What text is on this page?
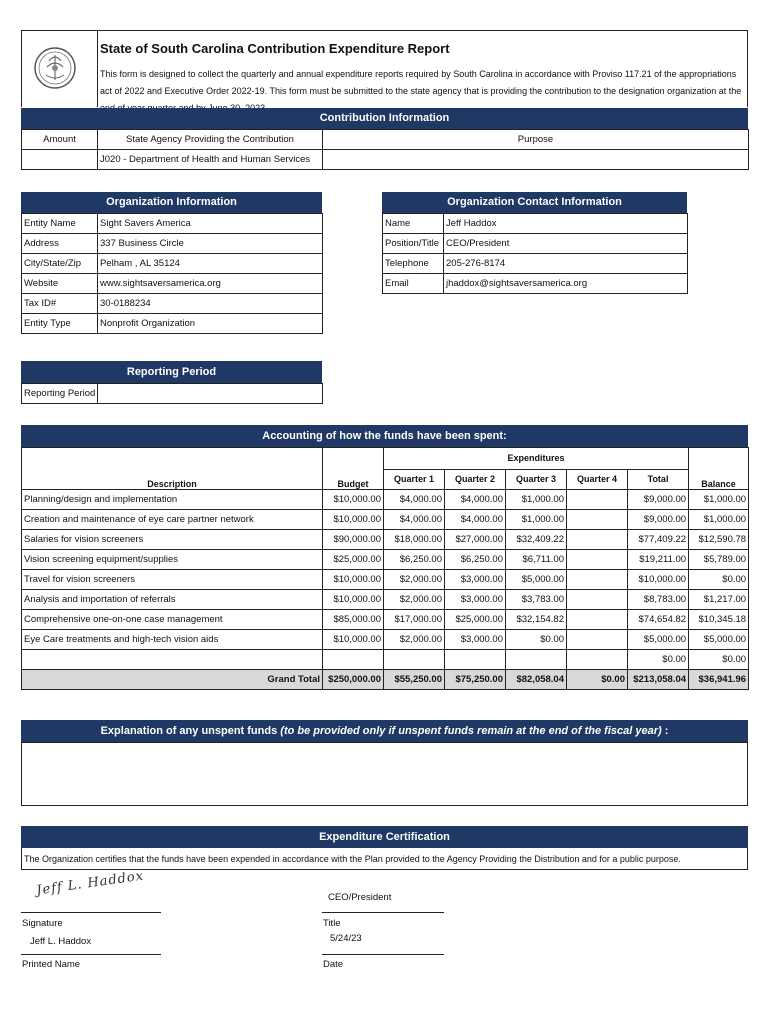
State of South Carolina Contribution Expenditure Report
This form is designed to collect the quarterly and annual expenditure reports required by South Carolina in accordance with Proviso 117.21 of the appropriations act of 2022 and Executive Order 2022-19. This form must be submitted to the state agency that is providing the contribution to the designation organization at the
Contribution Information
Amount	State Agency Providing the Contribution	Purpose
	J020 - Department of Health and Human Services	
Organization Information
Entity Name	Sight Savers America
Address	337 Business Circle
City/State/Zip	Pelham , AL 35124
Website	www.sightsaversamerica.org
Tax ID#	30-0188234
Entity Type	Nonprofit Organization
Organization Contact Information
Name	Jeff Haddox
Position/Title	CEO/President
Telephone	205-276-8174
Email	jhaddox@sightsaversamerica.org
Reporting Period
Reporting Period	
Accounting of how the funds have been spent:
Description	Budget	Expenditures					Balance
		Quarter 1	Quarter 2	Quarter 3	Quarter 4	Total	
Planning/design and implementation	$10,000.00	$4,000.00	$4,000.00	$1,000.00		$9,000.00	$1,000.00
Creation and maintenance of eye care partner network	$10,000.00	$4,000.00	$4,000.00	$1,000.00		$9,000.00	$1,000.00
Salaries for vision screeners	$90,000.00	$18,000.00	$27,000.00	$32,409.22		$77,409.22	$12,590.78
Vision screening equipment/supplies	$25,000.00	$6,250.00	$6,250.00	$6,711.00		$19,211.00	$5,789.00
Travel for vision screeners	$10,000.00	$2,000.00	$3,000.00	$5,000.00		$10,000.00	$0.00
Analysis and importation of referrals	$10,000.00	$2,000.00	$3,000.00	$3,783.00		$8,783.00	$1,217.00
Comprehensive one-on-one case management	$85,000.00	$17,000.00	$25,000.00	$32,154.82		$74,654.82	$10,345.18
Eye Care treatments and high-tech vision aids	$10,000.00	$2,000.00	$3,000.00	$0.00		$5,000.00	$5,000.00
						$0.00	$0.00
Grand Total	$250,000.00	$55,250.00	$75,250.00	$82,058.04	$0.00	$213,058.04	$36,941.96
Explanation of any unspent funds (to be provided only if unspent funds remain at the end of the fiscal year) :
Expenditure Certification
The Organization certifies that the funds have been expended in accordance with the Plan provided to the Agency Providing the Distribution and for a public purpose.
Jeff L. Haddox
Signature
Jeff L. Haddox
Printed Name
CEO/President
Title
5/24/23
Date
